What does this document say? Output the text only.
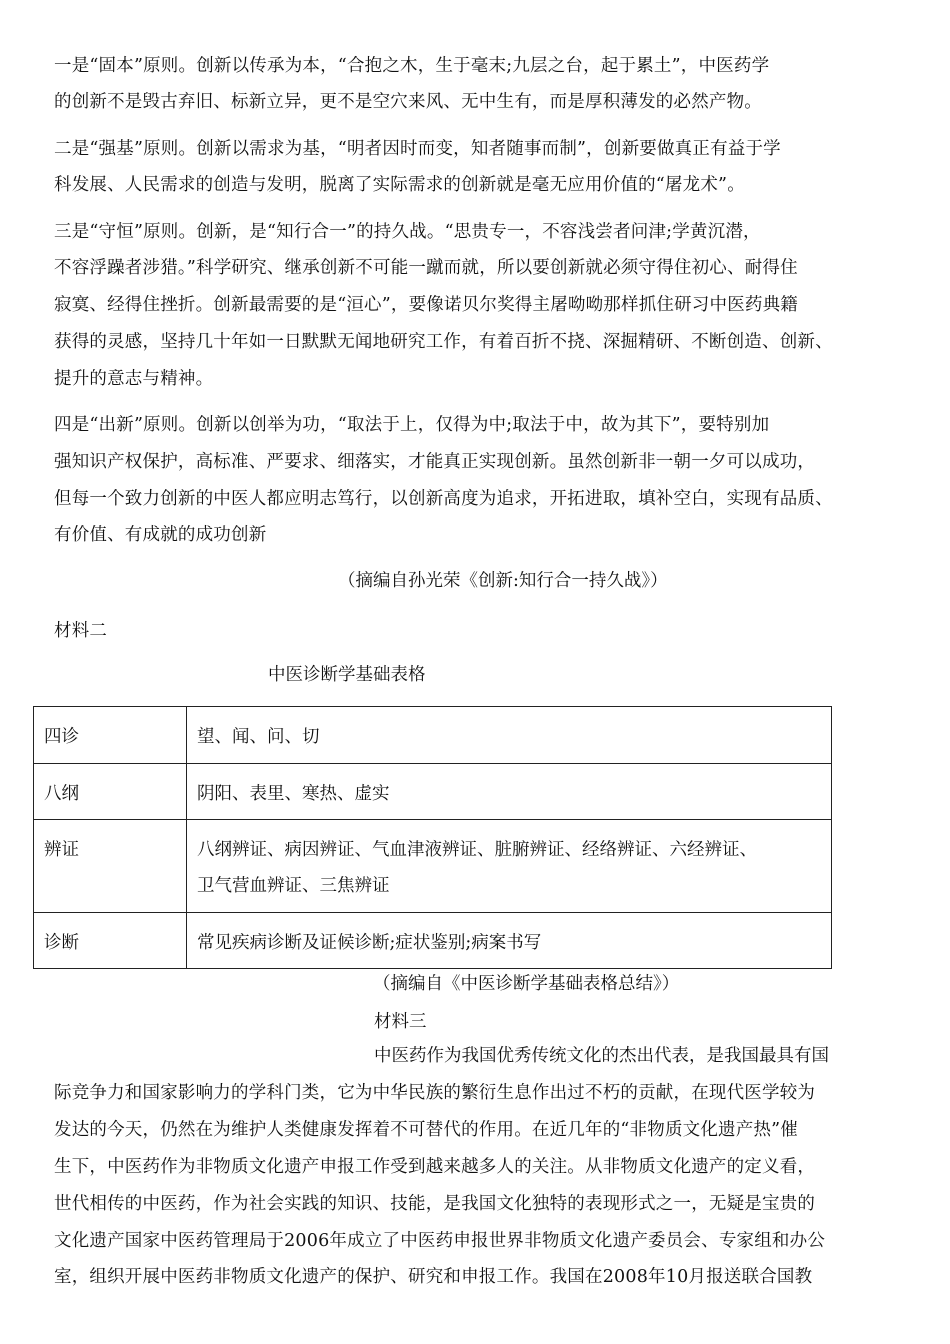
一是“固本”原则。创新以传承为本，“合抱之木，生于毫末;九层之台，起于累土”，中医药学
的创新不是毁古弃旧、标新立异，更不是空穴来风、无中生有，而是厚积薄发的必然产物。
二是“强基”原则。创新以需求为基，“明者因时而变，知者随事而制”，创新要做真正有益于学
科发展、人民需求的创造与发明，脱离了实际需求的创新就是毫无应用价值的“屠龙术”。
三是“守恒”原则。创新，是“知行合一”的持久战。“思贵专一，不容浅尝者问津;学黄沉潜，
不容浮躁者涉猎。”科学研究、继承创新不可能一蹴而就，所以要创新就必须守得住初心、耐得住
寂寞、经得住挫折。创新最需要的是“洹心”，要像诺贝尔奖得主屠呦呦那样抓住研习中医药典籍
获得的灵感，坚持几十年如一日默默无闻地研究工作，有着百折不挠、深掘精研、不断创造、创新、
提升的意志与精神。
四是“出新”原则。创新以创举为功，“取法于上，仅得为中;取法于中，故为其下”，要特别加
强知识产权保护，高标准、严要求、细落实，才能真正实现创新。虽然创新非一朝一夕可以成功，
但每一个致力创新的中医人都应明志笃行，以创新高度为追求，开拓进取，填补空白，实现有品质、
有价值、有成就的成功创新
（摘编自孙光荣《创新:知行合一持久战》）
材料二
中医诊断学基础表格
四诊	望、闻、问、切

八纲	阴阳、表里、寒热、虚实

辨证	八纲辨证、病因辨证、气血津液辨证、脏腑辨证、经络辨证、六经辨证、
卫气营血辨证、三焦辨证

诊断	常见疾病诊断及证候诊断;症状鉴别;病案书写
（摘编自《中医诊断学基础表格总结》）
材料三
中医药作为我国优秀传统文化的杰出代表，是我国最具有国
际竞争力和国家影响力的学科门类，它为中华民族的繁衍生息作出过不朽的贡献，在现代医学较为
发达的今天，仍然在为维护人类健康发挥着不可替代的作用。在近几年的“非物质文化遗产热”催
生下，中医药作为非物质文化遗产申报工作受到越来越多人的关注。从非物质文化遗产的定义看，
世代相传的中医药，作为社会实践的知识、技能，是我国文化独特的表现形式之一，无疑是宝贵的
文化遗产国家中医药管理局于2006年成立了中医药申报世界非物质文化遗产委员会、专家组和办公
室，组织开展中医药非物质文化遗产的保护、研究和申报工作。我国在2008年10月报送联合国教
